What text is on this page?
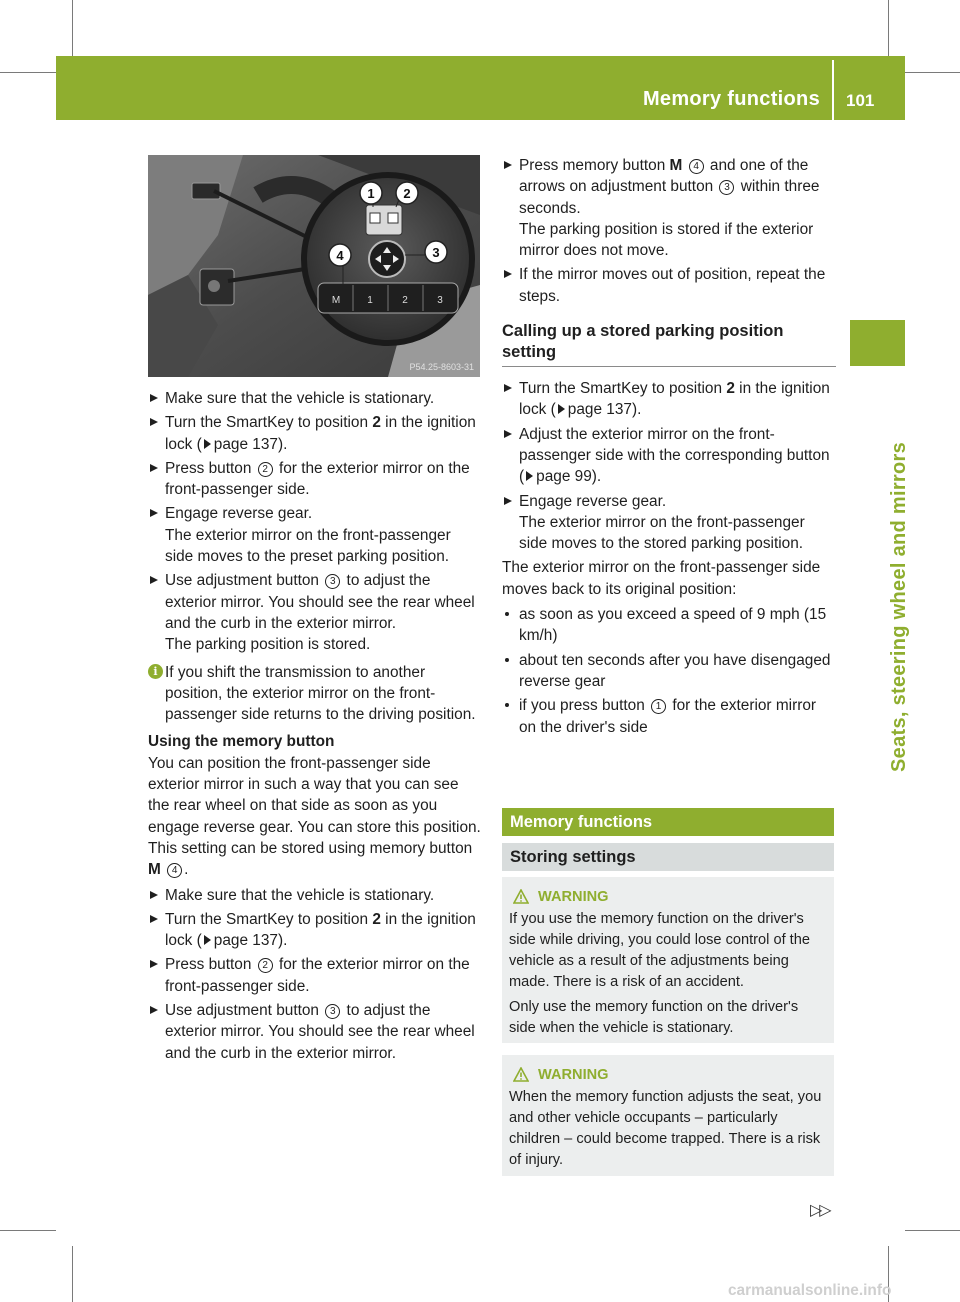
Memory functions 101
Seats, steering wheel and mirrors
M	1	2	3
1 2
3
4
P54.25-8603-31
Make sure that the vehicle is stationary.
Turn the SmartKey to position 2 in the ignition lock ( page 137).
Press button 2 for the exterior mirror on the front-passenger side.
Engage reverse gear.
The exterior mirror on the front-passenger side moves to the preset parking position.
Use adjustment button 3 to adjust the exterior mirror. You should see the rear wheel and the curb in the exterior mirror.
The parking position is stored.
i If you shift the transmission to another position, the exterior mirror on the front-passenger side returns to the driving position.
Using the memory button
You can position the front-passenger side exterior mirror in such a way that you can see the rear wheel on that side as soon as you engage reverse gear. You can store this position. This setting can be stored using memory button M 4 .
Make sure that the vehicle is stationary.
Turn the SmartKey to position 2 in the ignition lock ( page 137).
Press button 2 for the exterior mirror on the front-passenger side.
Use adjustment button 3 to adjust the exterior mirror. You should see the rear wheel and the curb in the exterior mirror.
Press memory button M 4 and one of the arrows on adjustment button 3 within three seconds.
The parking position is stored if the exterior mirror does not move.
If the mirror moves out of position, repeat the steps.
Calling up a stored parking position setting
Turn the SmartKey to position 2 in the ignition lock ( page 137).
Adjust the exterior mirror on the front-passenger side with the corresponding button ( page 99).
Engage reverse gear.
The exterior mirror on the front-passenger side moves to the stored parking position.
The exterior mirror on the front-passenger side moves back to its original position:
as soon as you exceed a speed of 9 mph (15 km/h)
about ten seconds after you have disengaged reverse gear
if you press button 1 for the exterior mirror on the driver's side
Memory functions
Storing settings
WARNING
If you use the memory function on the driver's side while driving, you could lose control of the vehicle as a result of the adjustments being made. There is a risk of an accident.
Only use the memory function on the driver's side when the vehicle is stationary.
WARNING
When the memory function adjusts the seat, you and other vehicle occupants – particularly children – could become trapped. There is a risk of injury.
▷▷
carmanualsonline.info
